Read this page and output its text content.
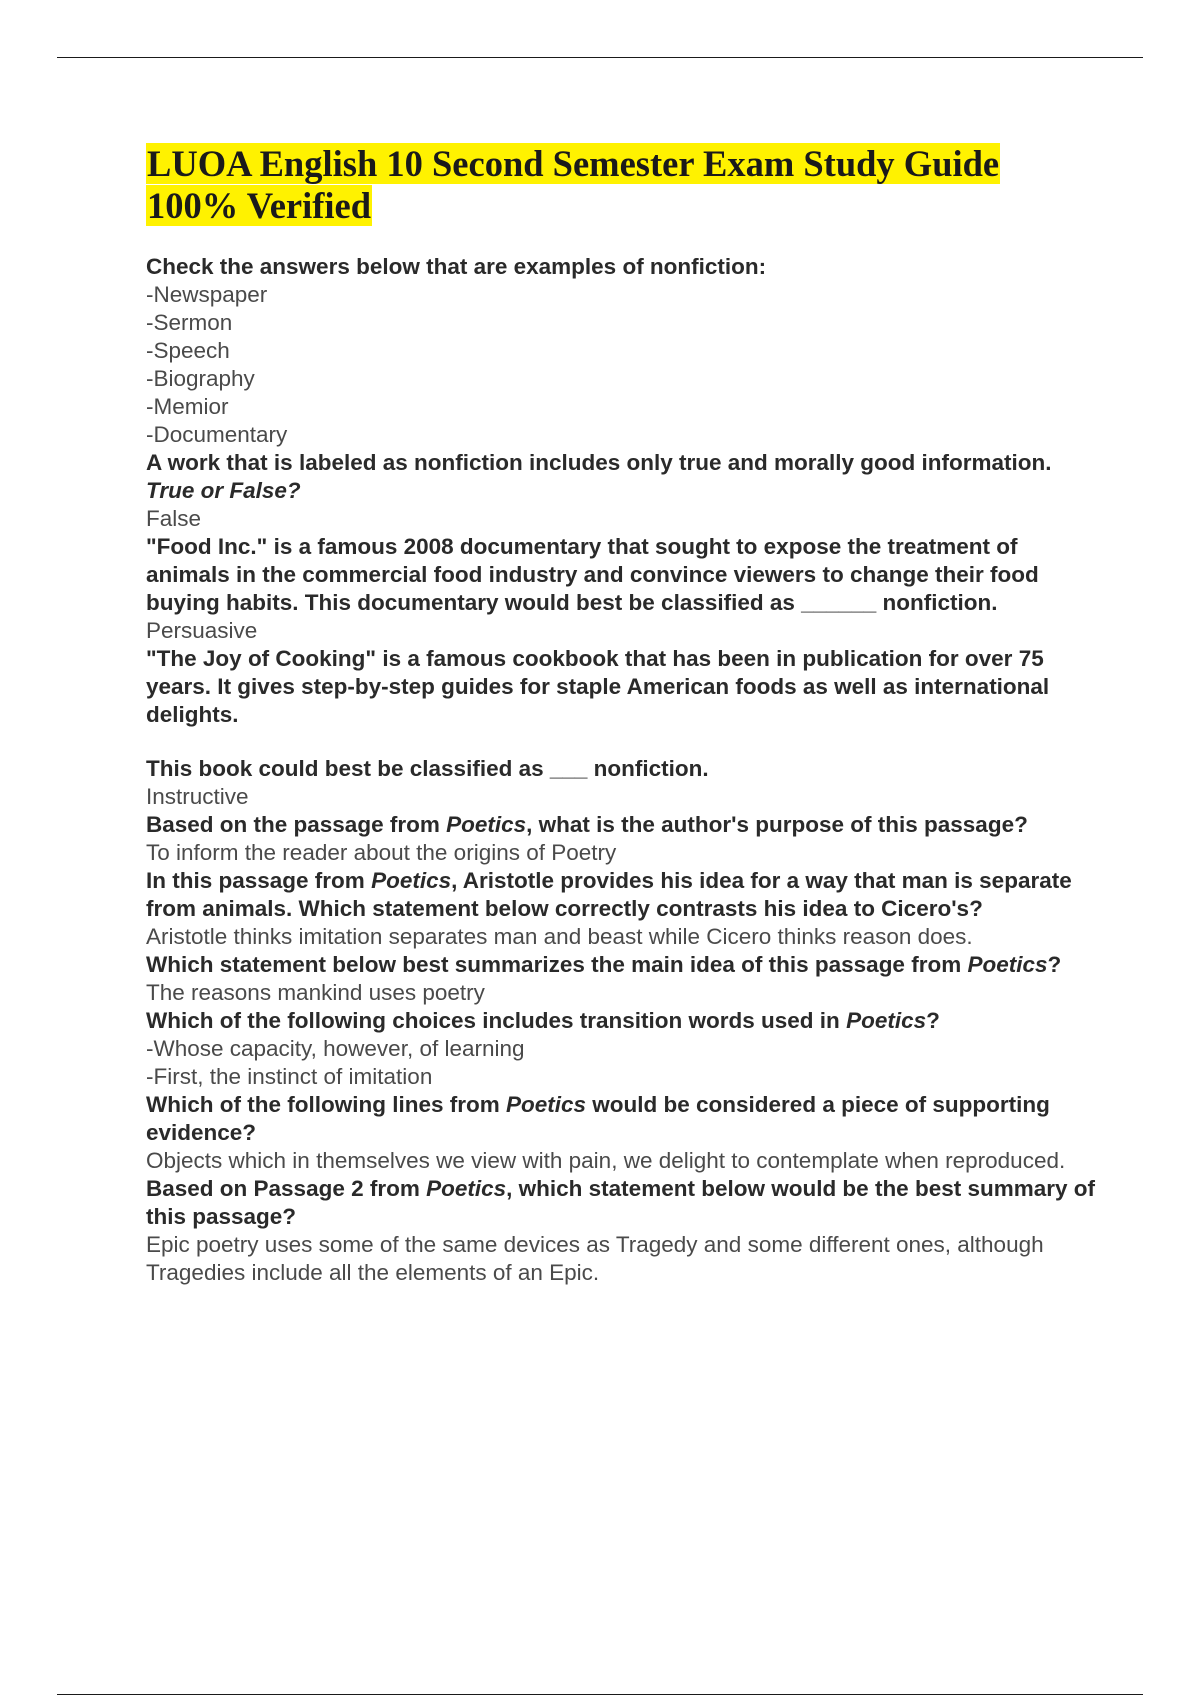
LUOA English 10 Second Semester Exam Study Guide 100% Verified

Check the answers below that are examples of nonfiction:

-Newspaper

-Sermon

-Speech

-Biography

-Memior

-Documentary

A work that is labeled as nonfiction includes only true and morally good information. True or False?

False

"Food Inc." is a famous 2008 documentary that sought to expose the treatment of animals in the commercial food industry and convince viewers to change their food buying habits. This documentary would best be classified as ______ nonfiction.

Persuasive

"The Joy of Cooking" is a famous cookbook that has been in publication for over 75 years. It gives step-by-step guides for staple American foods as well as international delights.

This book could best be classified as ___ nonfiction.

Instructive

Based on the passage from Poetics, what is the author's purpose of this passage?

To inform the reader about the origins of Poetry

In this passage from Poetics, Aristotle provides his idea for a way that man is separate from animals. Which statement below correctly contrasts his idea to Cicero's?

Aristotle thinks imitation separates man and beast while Cicero thinks reason does.

Which statement below best summarizes the main idea of this passage from Poetics?

The reasons mankind uses poetry

Which of the following choices includes transition words used in Poetics?

-Whose capacity, however, of learning

-First, the instinct of imitation

Which of the following lines from Poetics would be considered a piece of supporting evidence?

Objects which in themselves we view with pain, we delight to contemplate when reproduced.

Based on Passage 2 from Poetics, which statement below would be the best summary of this passage?

Epic poetry uses some of the same devices as Tragedy and some different ones, although Tragedies include all the elements of an Epic.
